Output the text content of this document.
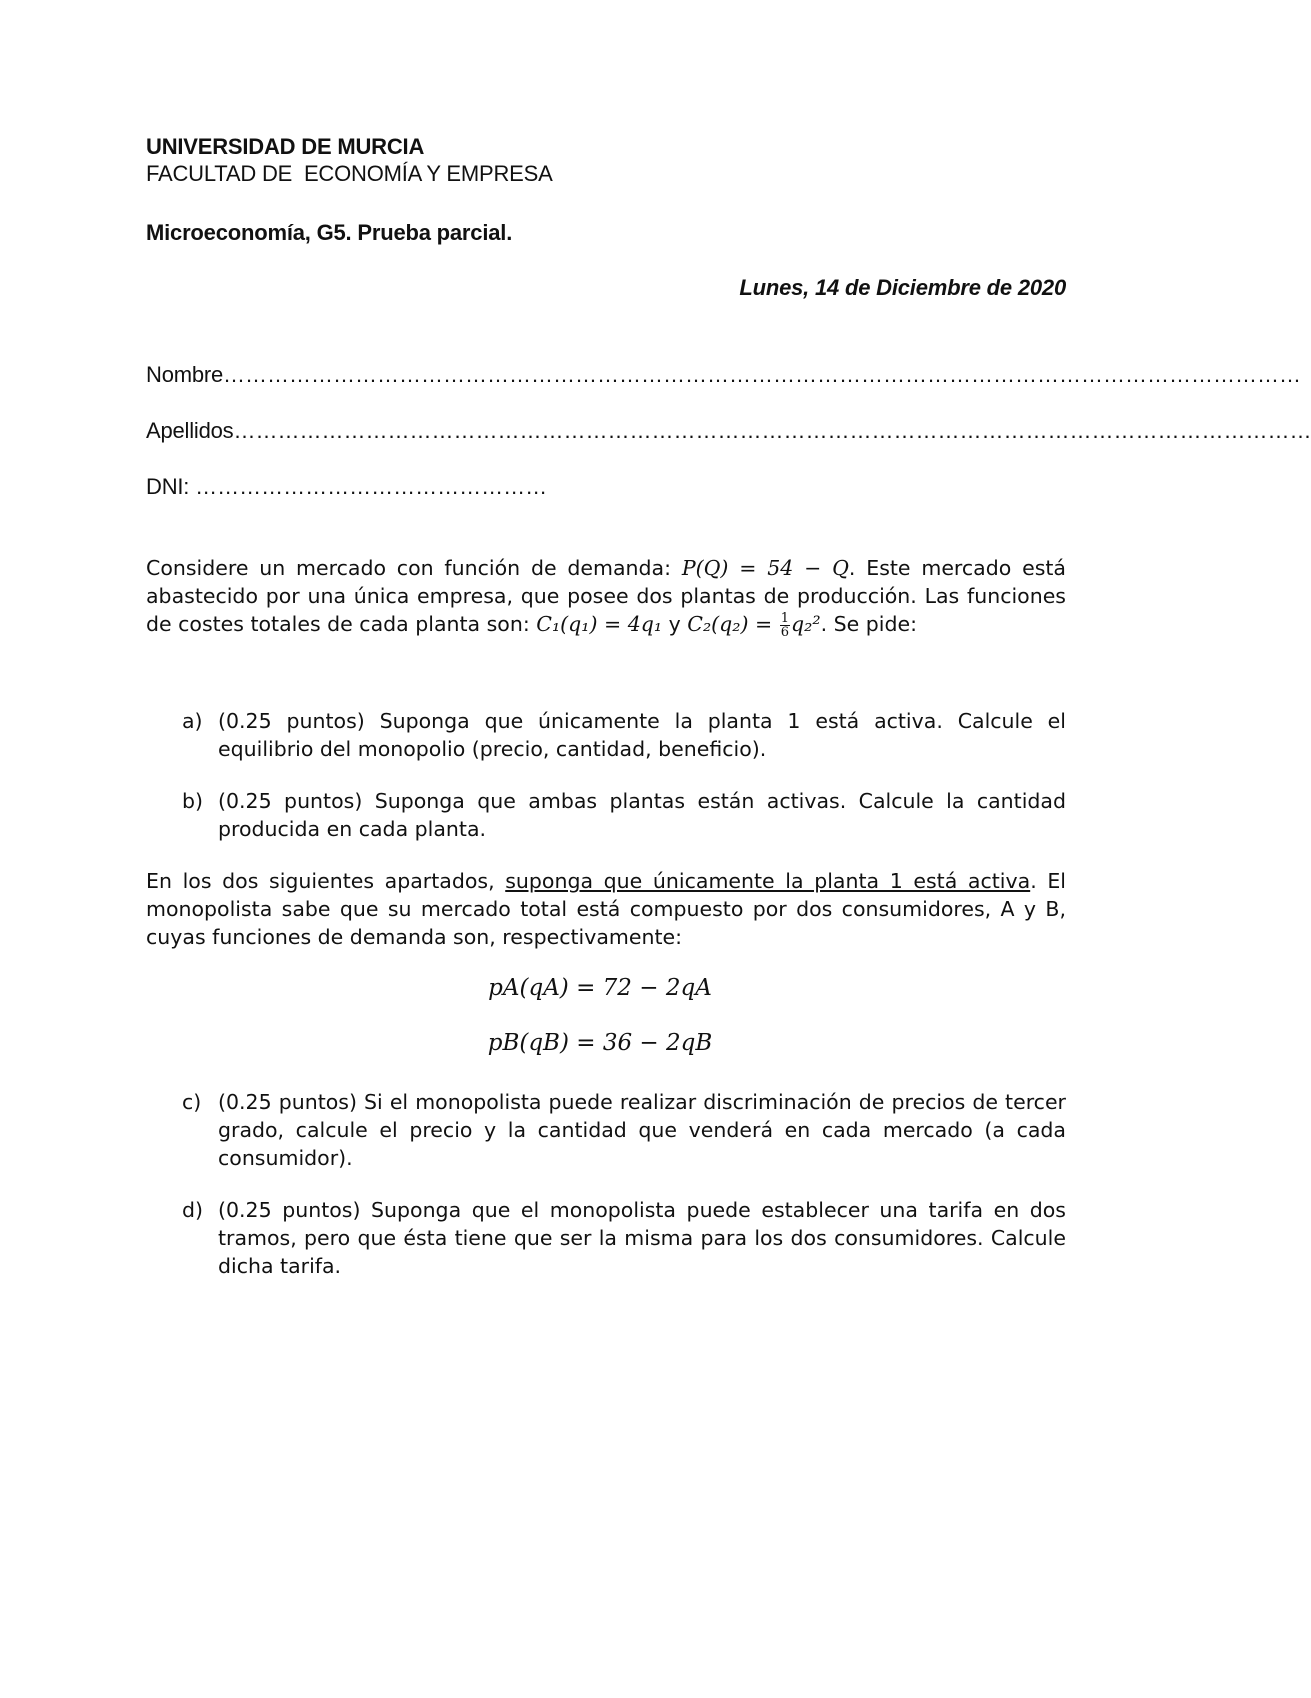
UNIVERSIDAD DE MURCIA
FACULTAD DE  ECONOMÍA Y EMPRESA
Microeconomía, G5. Prueba parcial.
Lunes, 14 de Diciembre de 2020
Nombre…………………………………………………………………………………………………………………………………
Apellidos…………………………………………………………………………………………………………………………………
DNI: …………………………………………
Considere un mercado con función de demanda: P(Q) = 54 − Q. Este mercado está abastecido por una única empresa, que posee dos plantas de producción. Las funciones de costes totales de cada planta son: C₁(q₁) = 4q₁ y $C_2(q_2) = \frac{1}{6} q_2^2$. Se pide:
a) (0.25 puntos) Suponga que únicamente la planta 1 está activa. Calcule el equilibrio del monopolio (precio, cantidad, beneficio).
b) (0.25 puntos) Suponga que ambas plantas están activas. Calcule la cantidad producida en cada planta.
En los dos siguientes apartados, suponga que únicamente la planta 1 está activa. El monopolista sabe que su mercado total está compuesto por dos consumidores, A y B, cuyas funciones de demanda son, respectivamente:
pA(qA) = 72 − 2qA
pB(qB) = 36 − 2qB
c) (0.25 puntos) Si el monopolista puede realizar discriminación de precios de tercer grado, calcule el precio y la cantidad que venderá en cada mercado (a cada consumidor).
d) (0.25 puntos) Suponga que el monopolista puede establecer una tarifa en dos tramos, pero que ésta tiene que ser la misma para los dos consumidores. Calcule dicha tarifa.
